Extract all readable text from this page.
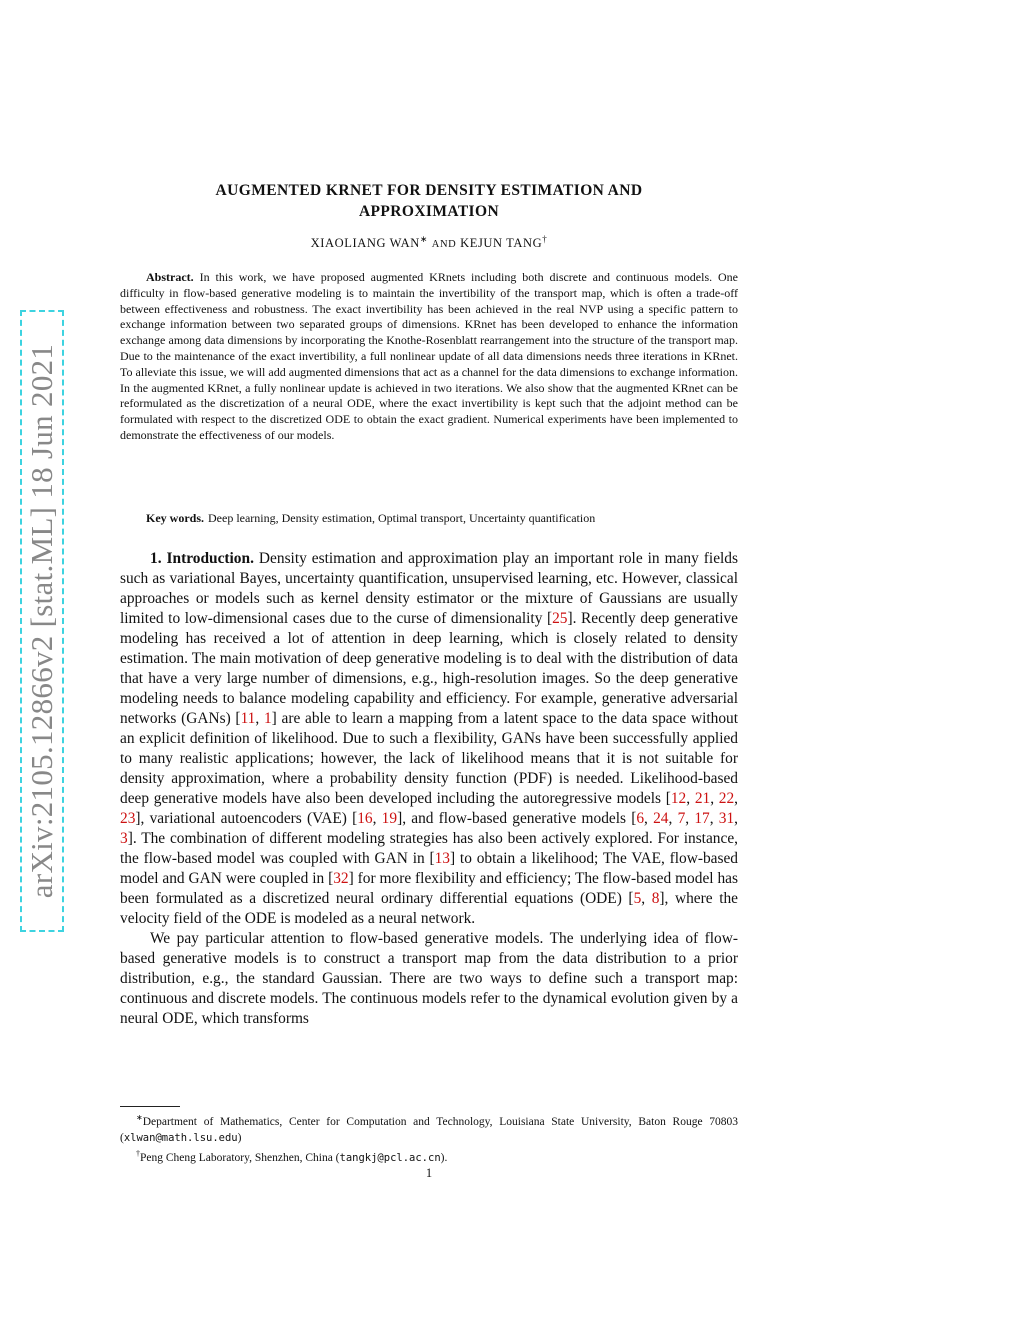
arXiv:2105.12866v2 [stat.ML] 18 Jun 2021
AUGMENTED KRNET FOR DENSITY ESTIMATION AND
APPROXIMATION
XIAOLIANG WAN∗ AND KEJUN TANG†
Abstract. In this work, we have proposed augmented KRnets including both discrete and continuous models. One difficulty in flow-based generative modeling is to maintain the invertibility of the transport map, which is often a trade-off between effectiveness and robustness. The exact invertibility has been achieved in the real NVP using a specific pattern to exchange information between two separated groups of dimensions. KRnet has been developed to enhance the information exchange among data dimensions by incorporating the Knothe-Rosenblatt rearrangement into the structure of the transport map. Due to the maintenance of the exact invertibility, a full nonlinear update of all data dimensions needs three iterations in KRnet. To alleviate this issue, we will add augmented dimensions that act as a channel for the data dimensions to exchange information. In the augmented KRnet, a fully nonlinear update is achieved in two iterations. We also show that the augmented KRnet can be reformulated as the discretization of a neural ODE, where the exact invertibility is kept such that the adjoint method can be formulated with respect to the discretized ODE to obtain the exact gradient. Numerical experiments have been implemented to demonstrate the effectiveness of our models.
Key words. Deep learning, Density estimation, Optimal transport, Uncertainty quantification

1. Introduction. Density estimation and approximation play an important role in many fields such as variational Bayes, uncertainty quantification, unsupervised learning, etc. However, classical approaches or models such as kernel density estimator or the mixture of Gaussians are usually limited to low-dimensional cases due to the curse of dimensionality [25]. Recently deep generative modeling has received a lot of attention in deep learning, which is closely related to density estimation. The main motivation of deep generative modeling is to deal with the distribution of data that have a very large number of dimensions, e.g., high-resolution images. So the deep generative modeling needs to balance modeling capability and efficiency. For example, generative adversarial networks (GANs) [11, 1] are able to learn a mapping from a latent space to the data space without an explicit definition of likelihood. Due to such a flexibility, GANs have been successfully applied to many realistic applications; however, the lack of likelihood means that it is not suitable for density approximation, where a probability density function (PDF) is needed. Likelihood-based deep generative models have also been developed including the autoregressive models [12, 21, 22, 23], variational autoencoders (VAE) [16, 19], and flow-based generative models [6, 24, 7, 17, 31, 3]. The combination of different modeling strategies has also been actively explored. For instance, the flow-based model was coupled with GAN in [13] to obtain a likelihood; The VAE, flow-based model and GAN were coupled in [32] for more flexibility and efficiency; The flow-based model has been formulated as a discretized neural ordinary differential equations (ODE) [5, 8], where the velocity field of the ODE is modeled as a neural network.

We pay particular attention to flow-based generative models. The underlying idea of flow-based generative models is to construct a transport map from the data distribution to a prior distribution, e.g., the standard Gaussian. There are two ways to define such a transport map: continuous and discrete models. The continuous models refer to the dynamical evolution given by a neural ODE, which transforms

∗Department of Mathematics, Center for Computation and Technology, Louisiana State University, Baton Rouge 70803 (xlwan@math.lsu.edu)

†Peng Cheng Laboratory, Shenzhen, China (tangkj@pcl.ac.cn).

1
